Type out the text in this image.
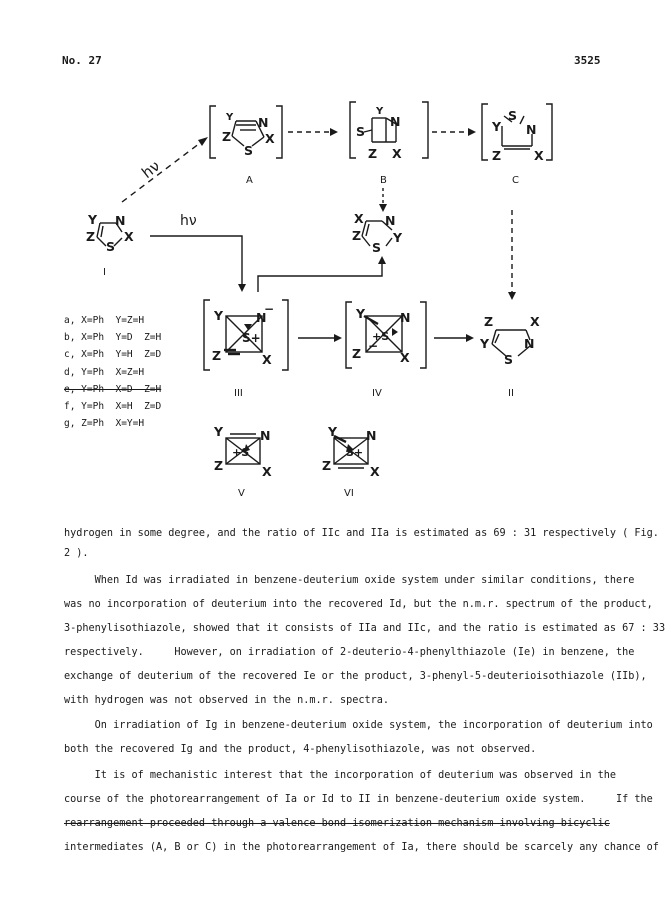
No. 27	3525
hν
hν
Y N
Z X
S
Y N
Z	X
S
Y
N
S
Z X
S
Y N
Z	X
X N
Z	Y
S
Y	N
S+
Z	X
Y	N
+S
Z	X
Z	X
Y	N
S
Y	N
+S
Z	X
Y N
S+
Z	X
−
−
A	B	C
I
III	IV	II
V	VI
a, X=Ph  Y=Z=H
b, X=Ph  Y=D  Z=H
c, X=Ph  Y=H  Z=D
d, Y=Ph  X=Z=H
e, Y=Ph  X=D  Z=H
f, Y=Ph  X=H  Z=D
g, Z=Ph  X=Y=H
hydrogen in some degree, and the ratio of IIc and IIa is estimated as 69 : 31 respectively ( Fig.
2 ).
When Id was irradiated in benzene-deuterium oxide system under similar conditions, there
was no incorporation of deuterium into the recovered Id, but the n.m.r. spectrum of the product,
3-phenylisothiazole, showed that it consists of IIa and IIc, and the ratio is estimated as 67 : 33
respectively.     However, on irradiation of 2-deuterio-4-phenylthiazole (Ie) in benzene, the
exchange of deuterium of the recovered Ie or the product, 3-phenyl-5-deuterioisothiazole (IIb),
with hydrogen was not observed in the n.m.r. spectra.
On irradiation of Ig in benzene-deuterium oxide system, the incorporation of deuterium into
both the recovered Ig and the product, 4-phenylisothiazole, was not observed.
It is of mechanistic interest that the incorporation of deuterium was observed in the
course of the photorearrangement of Ia or Id to II in benzene-deuterium oxide system.     If the
rearrangement proceeded through a valence bond isomerization mechanism involving bicyclic
intermediates (A, B or C) in the photorearrangement of Ia, there should be scarcely any chance of
